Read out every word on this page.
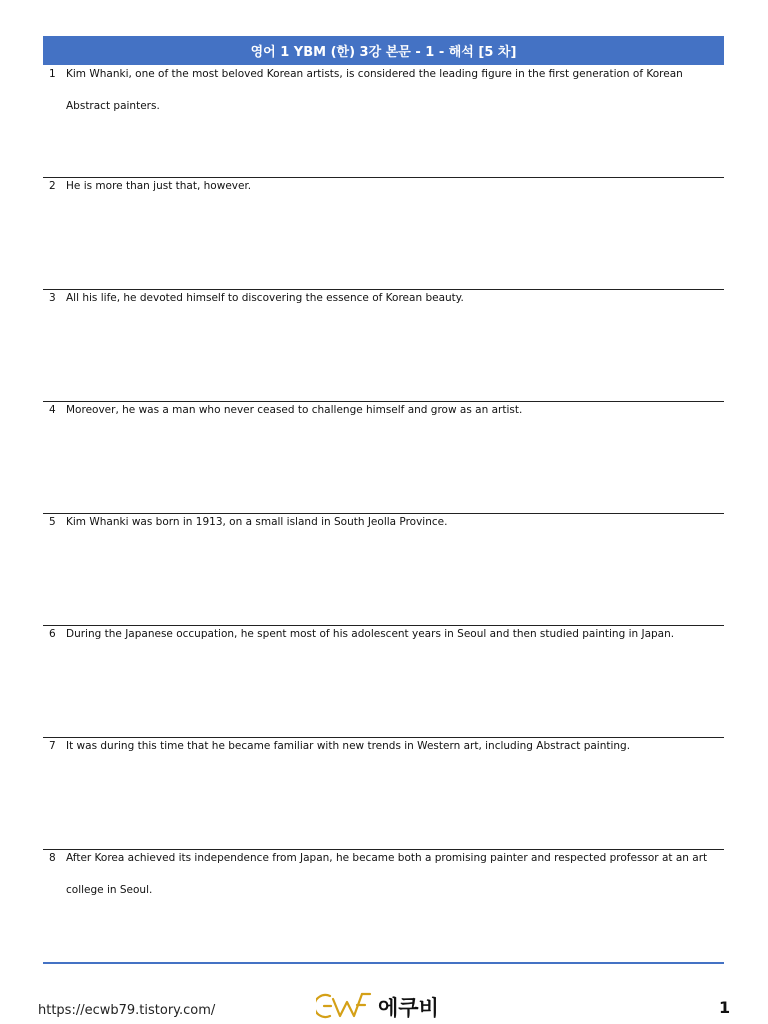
영어 1 YBM (한) 3강 본문 - 1 - 해석 [5 차]
1 Kim Whanki, one of the most beloved Korean artists, is considered the leading figure in the first generation of Korean Abstract painters.
2 He is more than just that, however.
3 All his life, he devoted himself to discovering the essence of Korean beauty.
4 Moreover, he was a man who never ceased to challenge himself and grow as an artist.
5 Kim Whanki was born in 1913, on a small island in South Jeolla Province.
6 During the Japanese occupation, he spent most of his adolescent years in Seoul and then studied painting in Japan.
7 It was during this time that he became familiar with new trends in Western art, including Abstract painting.
8 After Korea achieved its independence from Japan, he became both a promising painter and respected professor at an art college in Seoul.
https://ecwb79.tistory.com/	에쿠비	1
